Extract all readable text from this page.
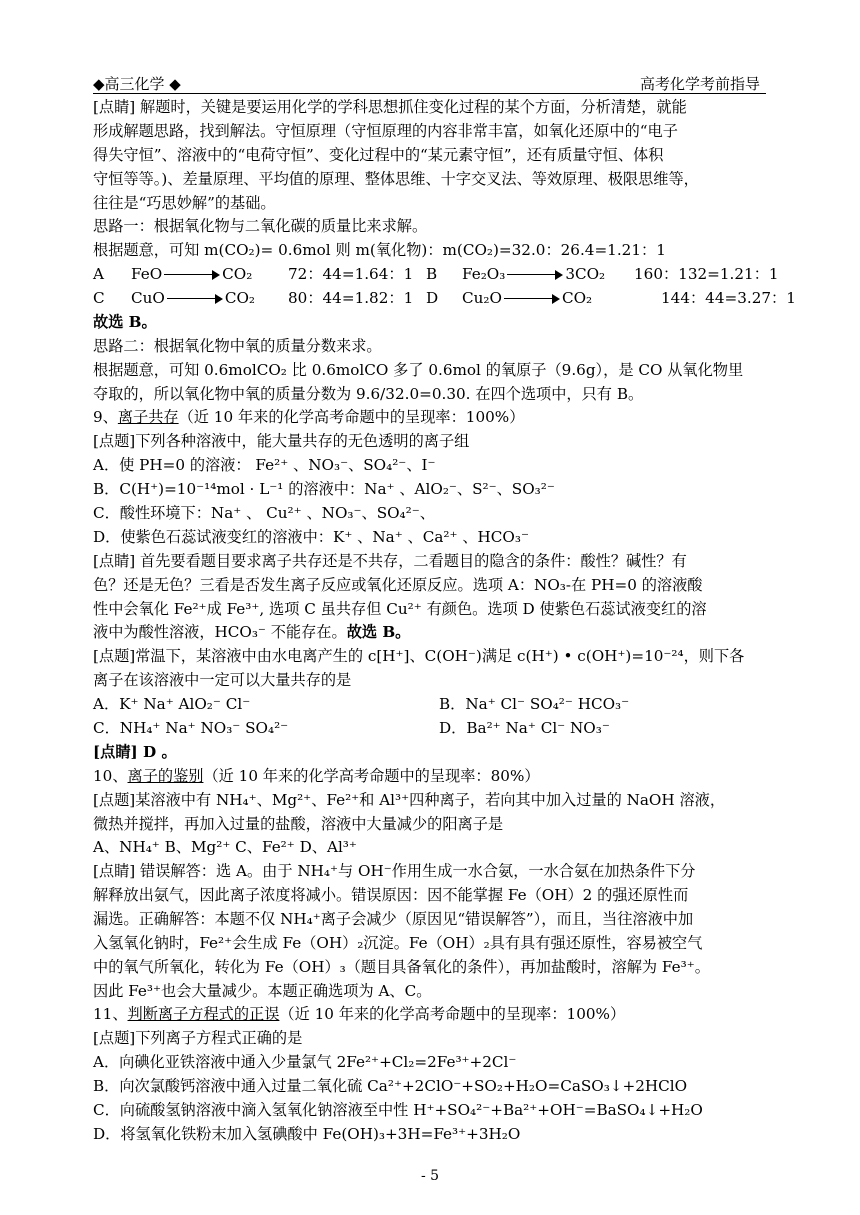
◆高三化学 ◆	高考化学考前指导
[点睛] 解题时，关键是要运用化学的学科思想抓住变化过程的某个方面，分析清楚，就能
形成解题思路，找到解法。守恒原理（守恒原理的内容非常丰富，如氧化还原中的“电子
得失守恒”、溶液中的“电荷守恒”、变化过程中的“某元素守恒”，还有质量守恒、体积
守恒等等。)、差量原理、平均值的原理、整体思维、十字交叉法、等效原理、极限思维等，
往往是“巧思妙解”的基础。
思路一：根据氧化物与二氧化碳的质量比来求解。
根据题意，可知 m(CO₂)= 0.6mol 则 m(氧化物)：m(CO₂)=32.0：26.4=1.21：1
A FeO	CO₂ 72：44=1.64：1 B Fe₂O₃	3CO₂ 160：132=1.21：1
C CuO	CO₂ 80：44=1.82：1 D Cu₂O	CO₂	144：44=3.27：1
故选 B。
思路二：根据氧化物中氧的质量分数来求。
根据题意，可知 0.6molCO₂ 比 0.6molCO 多了 0.6mol 的氧原子（9.6g），是 CO 从氧化物里
夺取的，所以氧化物中氧的质量分数为 9.6/32.0=0.30. 在四个选项中，只有 B。
9、离子共存（近 10 年来的化学高考命题中的呈现率：100%）
[点题]下列各种溶液中，能大量共存的无色透明的离子组
A．使 PH=0 的溶液： Fe²⁺ 、NO₃⁻、SO₄²⁻、I⁻
B．C(H⁺)=10⁻¹⁴mol · L⁻¹ 的溶液中：Na⁺ 、AlO₂⁻、S²⁻、SO₃²⁻
C．酸性环境下：Na⁺ 、 Cu²⁺ 、NO₃⁻、SO₄²⁻、
D．使紫色石蕊试液变红的溶液中：K⁺ 、Na⁺ 、Ca²⁺ 、HCO₃⁻
[点睛] 首先要看题目要求离子共存还是不共存，二看题目的隐含的条件：酸性？碱性？有
色？还是无色？三看是否发生离子反应或氧化还原反应。选项 A：NO₃-在 PH=0 的溶液酸
性中会氧化 Fe²⁺成 Fe³⁺, 选项 C 虽共存但 Cu²⁺ 有颜色。选项 D 使紫色石蕊试液变红的溶
液中为酸性溶液，HCO₃⁻ 不能存在。故选 B。
[点题]常温下，某溶液中由水电离产生的 c[H⁺]、C(OH⁻)满足 c(H⁺) • c(OH⁺)=10⁻²⁴，则下各
离子在该溶液中一定可以大量共存的是
A．K⁺ Na⁺ AlO₂⁻ Cl⁻	B．Na⁺ Cl⁻ SO₄²⁻ HCO₃⁻
C．NH₄⁺ Na⁺ NO₃⁻ SO₄²⁻	D．Ba²⁺ Na⁺ Cl⁻ NO₃⁻
[点睛] D 。
10、离子的鉴别（近 10 年来的化学高考命题中的呈现率：80%）
[点题]某溶液中有 NH₄⁺、Mg²⁺、Fe²⁺和 Al³⁺四种离子，若向其中加入过量的 NaOH 溶液，
微热并搅拌，再加入过量的盐酸，溶液中大量减少的阳离子是
A、NH₄⁺ B、Mg²⁺ C、Fe²⁺ D、Al³⁺
[点睛] 错误解答：选 A。由于 NH₄⁺与 OH⁻作用生成一水合氨，一水合氨在加热条件下分
解释放出氨气，因此离子浓度将减小。错误原因：因不能掌握 Fe（OH）2 的强还原性而
漏选。正确解答：本题不仅 NH₄⁺离子会减少（原因见“错误解答”），而且，当往溶液中加
入氢氧化钠时，Fe²⁺会生成 Fe（OH）₂沉淀。Fe（OH）₂具有具有强还原性，容易被空气
中的氧气所氧化，转化为 Fe（OH）₃（题目具备氧化的条件），再加盐酸时，溶解为 Fe³⁺。
因此 Fe³⁺也会大量减少。本题正确选项为 A、C。
11、判断离子方程式的正误（近 10 年来的化学高考命题中的呈现率：100%）
[点题]下列离子方程式正确的是
A．向碘化亚铁溶液中通入少量氯气 2Fe²⁺+Cl₂=2Fe³⁺+2Cl⁻
B．向次氯酸钙溶液中通入过量二氧化硫 Ca²⁺+2ClO⁻+SO₂+H₂O=CaSO₃↓+2HClO
C．向硫酸氢钠溶液中滴入氢氧化钠溶液至中性 H⁺+SO₄²⁻+Ba²⁺+OH⁻=BaSO₄↓+H₂O
D．将氢氧化铁粉末加入氢碘酸中 Fe(OH)₃+3H=Fe³⁺+3H₂O
- 5
